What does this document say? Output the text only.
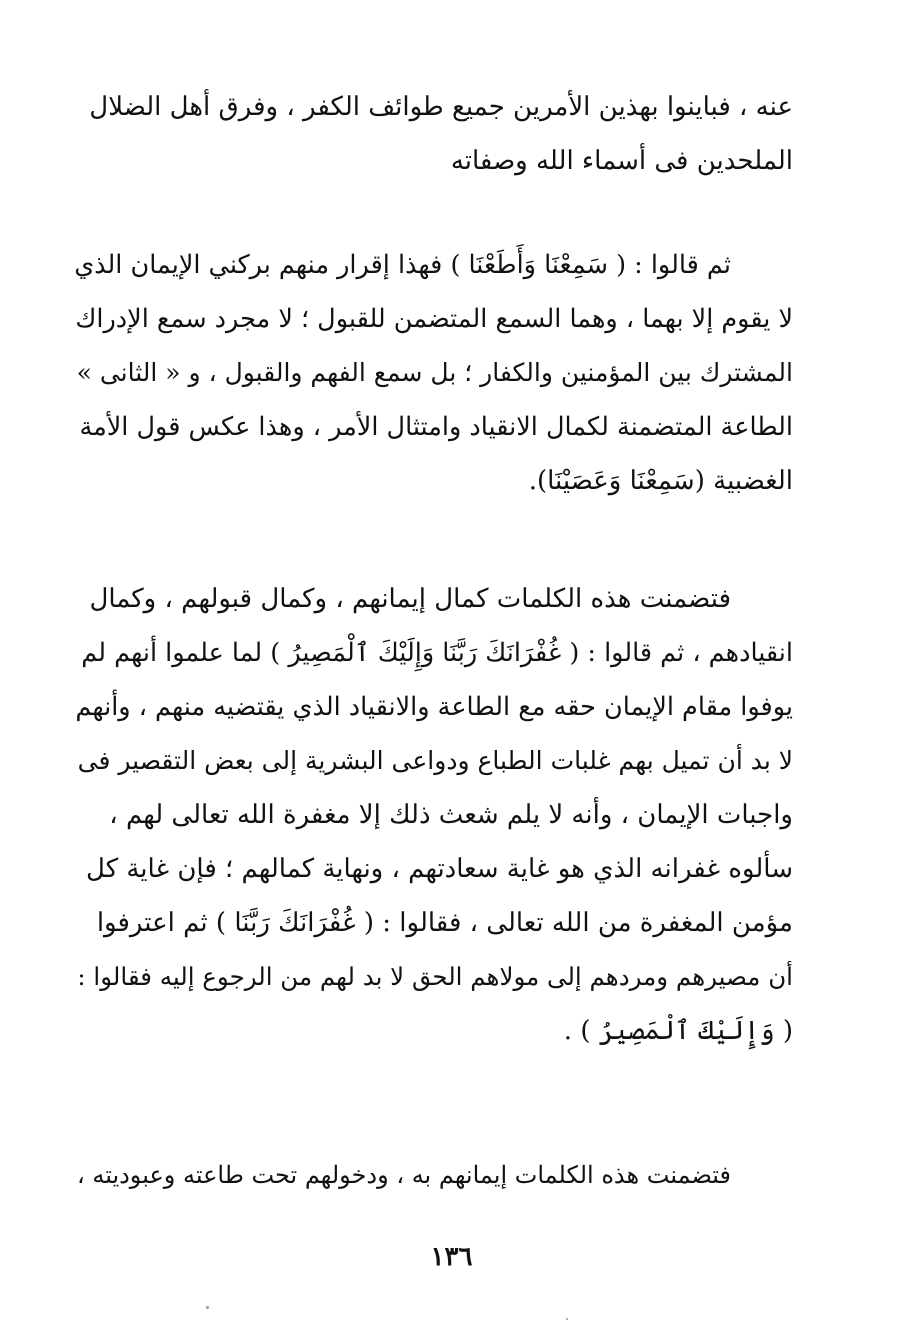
عنه ، فباينوا بهذين الأمرين جميع طوائف الكفر ، وفرق أهل الضلال
الملحدين فى أسماء الله وصفاته
ثم قالوا : ( سَمِعْنَا وَأَطَعْنَا ) فهذا إقرار منهم بركني الإيمان الذي
لا يقوم إلا بهما ، وهما السمع المتضمن للقبول ؛ لا مجرد سمع الإدراك
المشترك بين المؤمنين والكفار ؛ بل سمع الفهم والقبول ، و « الثانى »
الطاعة المتضمنة لكمال الانقياد وامتثال الأمر ، وهذا عكس قول الأمة
الغضبية (سَمِعْنَا وَعَصَيْنَا).
فتضمنت هذه الكلمات كمال إيمانهم ، وكمال قبولهم ، وكمال
انقيادهم ، ثم قالوا : ( غُفْرَانَكَ رَبَّنَا وَإِلَيْكَ ٱلْمَصِيرُ ) لما علموا أنهم لم
يوفوا مقام الإيمان حقه مع الطاعة والانقياد الذي يقتضيه منهم ، وأنهم
لا بد أن تميل بهم غلبات الطباع ودواعى البشرية إلى بعض التقصير فى
واجبات الإيمان ، وأنه لا يلم شعث ذلك إلا مغفرة الله تعالى لهم ،
سألوه غفرانه الذي هو غاية سعادتهم ، ونهاية كمالهم ؛ فإن غاية كل
مؤمن المغفرة من الله تعالى ، فقالوا : ( غُفْرَانَكَ رَبَّنَا ) ثم اعترفوا
أن مصيرهم ومردهم إلى مولاهم الحق لا بد لهم من الرجوع إليه فقالوا :
( وَإِلَيْكَ ٱلْمَصِيرُ ) .
فتضمنت هذه الكلمات إيمانهم به ، ودخولهم تحت طاعته وعبوديته ،
١٣٦
